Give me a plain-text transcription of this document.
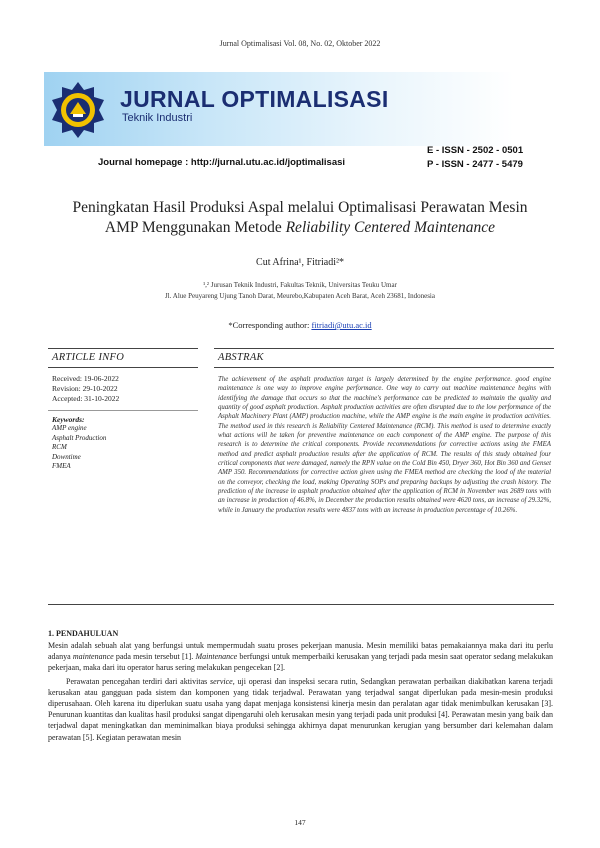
Jurnal Optimalisasi Vol. 08, No. 02, Oktober 2022
JURNAL OPTIMALISASI
Teknik Industri
Journal homepage : http://jurnal.utu.ac.id/joptimalisasi
E - ISSN - 2502 - 0501
P - ISSN - 2477 - 5479
Peningkatan Hasil Produksi Aspal melalui Optimalisasi Perawatan Mesin
AMP Menggunakan Metode Reliability Centered Maintenance
Cut Afrina¹, Fitriadi²*
¹,² Jurusan Teknik Industri, Fakultas Teknik, Universitas Teuku Umar
Jl. Alue Peuyareng Ujung Tanoh Darat, Meurebo,Kabupaten Aceh Barat, Aceh 23681, Indonesia
*Corresponding author: fitriadi@utu.ac.id
ARTICLE INFO
Received: 19-06-2022
Revision: 29-10-2022
Accepted: 31-10-2022
Keywords:
AMP engine
Asphalt Production
RCM
Downtime
FMEA
ABSTRAK
The achievement of the asphalt production target is largely determined by the engine performance. good engine maintenance is one way to improve engine performance. One way to carry out machine maintenance begins with identifying the damage that occurs so that the machine's performance can be predicted to maintain the quality and quantity of good asphalt production. Asphalt production activities are often disrupted due to the low performance of the Asphalt Machinery Plant (AMP) production machine, while the AMP engine is the main engine in production activities. The method used in this research is Reliability Centered Maintenance (RCM). This method is used to determine exactly what actions will be taken for preventive maintenance on each component of the AMP engine. The purpose of this research is to determine the critical components. Provide recommendations for corrective actions using the FMEA method and predict asphalt production results after the application of RCM. The results of this study obtained four critical components that were damaged, namely the RPN value on the Cold Bin 450, Dryer 360, Hot Bin 360 and Genset AMP 350. Recommendations for corrective action given using the FMEA method are checking the lood of the material on the conveyor, checking the load, making Operating SOPs and preparing backups by adjusting the crash history. The prediction of the increase in asphalt production obtained after the application of RCM in November was 2689 tons with an increase in production of 46.8%, in December the production results obtained were 4620 tons, an increase of 29.32%, while in January the production results were 4837 tons with an increase in production percentage of 10.26%.
1. PENDAHULUAN

Mesin adalah sebuah alat yang berfungsi untuk mempermudah suatu proses pekerjaan manusia. Mesin memiliki batas pemakaiannya maka dari itu perlu adanya maintenance pada mesin tersebut [1]. Maintenance berfungsi untuk memperbaiki kerusakan yang terjadi pada mesin saat operator sedang melakukan pekerjaan, maka dari itu operator harus sering melakukan pengecekan [2].

Perawatan pencegahan terdiri dari aktivitas service, uji operasi dan inspeksi secara rutin, Sedangkan perawatan perbaikan diakibatkan karena terjadi kerusakan atau gangguan pada sistem dan komponen yang tidak terjadwal. Perawatan yang terjadwal sangat diperlukan pada mesin-mesin produksi diperusahaan. Oleh karena itu diperlukan suatu usaha yang dapat menjaga konsistensi kinerja mesin dan peralatan agar tidak menimbulkan kerusakan [3]. Penurunan kuantitas dan kualitas hasil produksi sangat dipengaruhi oleh kerusakan mesin yang terjadi pada unit produksi [4]. Perawatan mesin yang baik dan terjadwal dapat meningkatkan dan meminimalkan biaya produksi sehingga akhirnya dapat menurunkan kerugian yang bersumber dari kelemahan dalam perawatan [5]. Kegiatan perawatan mesin

147
